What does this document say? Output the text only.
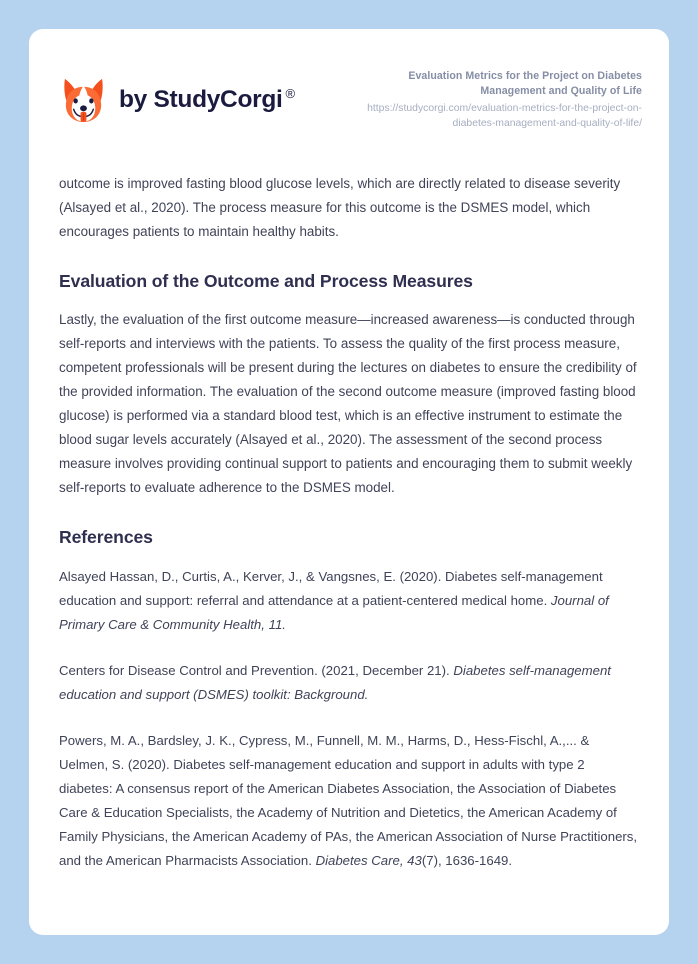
by StudyCorgi ®
Evaluation Metrics for the Project on Diabetes Management and Quality of Life
https://studycorgi.com/evaluation-metrics-for-the-project-on-diabetes-management-and-quality-of-life/

outcome is improved fasting blood glucose levels, which are directly related to disease severity (Alsayed et al., 2020). The process measure for this outcome is the DSMES model, which encourages patients to maintain healthy habits.

Evaluation of the Outcome and Process Measures

Lastly, the evaluation of the first outcome measure—increased awareness—is conducted through self-reports and interviews with the patients. To assess the quality of the first process measure, competent professionals will be present during the lectures on diabetes to ensure the credibility of the provided information. The evaluation of the second outcome measure (improved fasting blood glucose) is performed via a standard blood test, which is an effective instrument to estimate the blood sugar levels accurately (Alsayed et al., 2020). The assessment of the second process measure involves providing continual support to patients and encouraging them to submit weekly self-reports to evaluate adherence to the DSMES model.

References

Alsayed Hassan, D., Curtis, A., Kerver, J., & Vangsnes, E. (2020). Diabetes self-management education and support: referral and attendance at a patient-centered medical home. Journal of Primary Care & Community Health, 11.

Centers for Disease Control and Prevention. (2021, December 21). Diabetes self-management education and support (DSMES) toolkit: Background.

Powers, M. A., Bardsley, J. K., Cypress, M., Funnell, M. M., Harms, D., Hess-Fischl, A.,... & Uelmen, S. (2020). Diabetes self-management education and support in adults with type 2 diabetes: A consensus report of the American Diabetes Association, the Association of Diabetes Care & Education Specialists, the Academy of Nutrition and Dietetics, the American Academy of Family Physicians, the American Academy of PAs, the American Association of Nurse Practitioners, and the American Pharmacists Association. Diabetes Care, 43(7), 1636-1649.
